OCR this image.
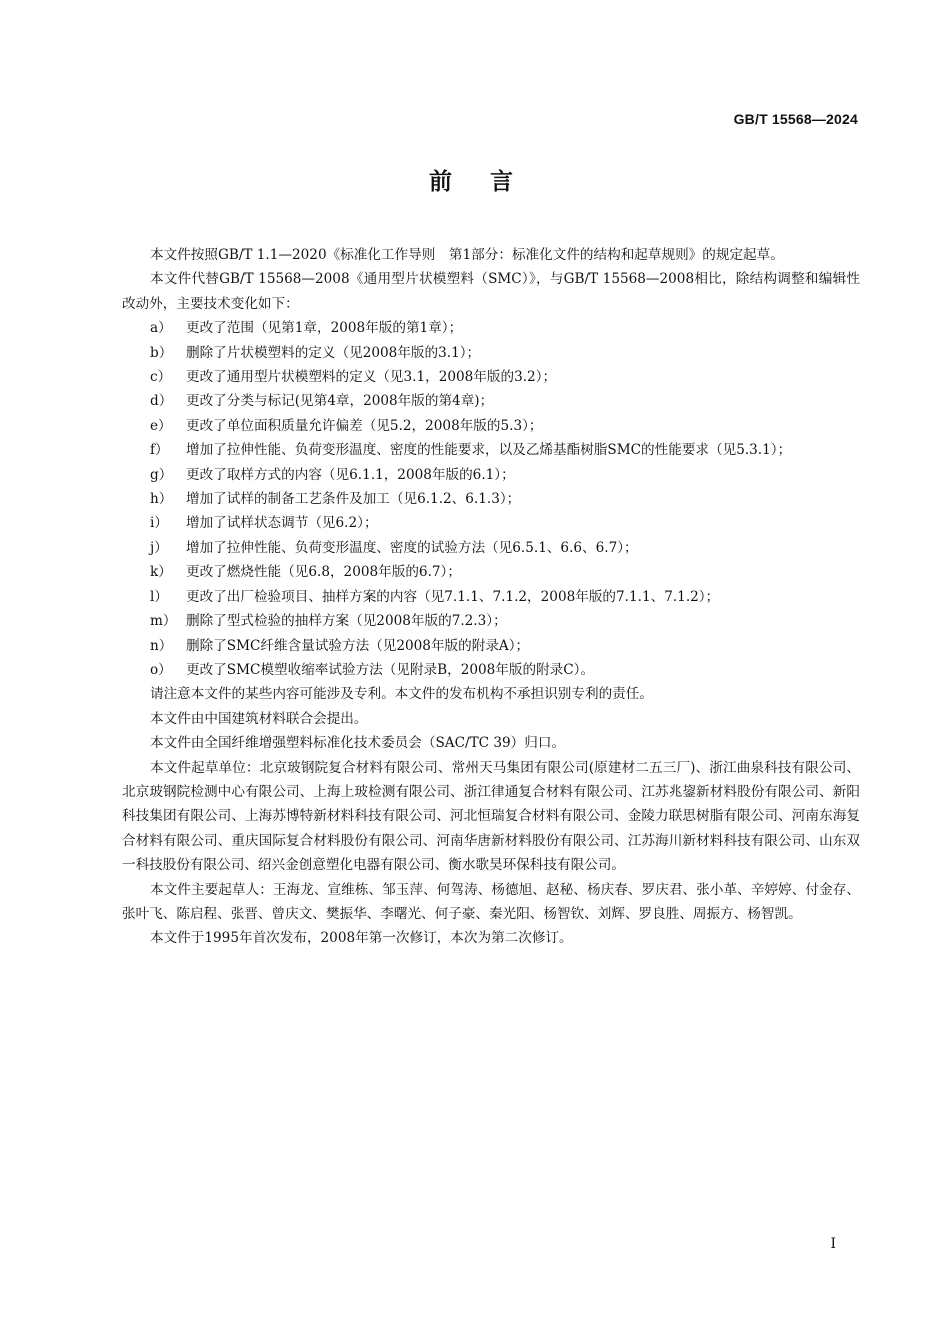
GB/T 15568—2024
前言

本文件按照GB/T 1.1—2020《标准化工作导则　第1部分：标准化文件的结构和起草规则》的规定起草。

本文件代替GB/T 15568—2008《通用型片状模塑料（SMC）》，与GB/T 15568—2008相比，除结构调整和编辑性改动外，主要技术变化如下：

a）	更改了范围（见第1章，2008年版的第1章）；
b）	删除了片状模塑料的定义（见2008年版的3.1）；
c）	更改了通用型片状模塑料的定义（见3.1，2008年版的3.2）；
d）	更改了分类与标记(见第4章，2008年版的第4章)；
e）	更改了单位面积质量允许偏差（见5.2，2008年版的5.3）；
f）	增加了拉伸性能、负荷变形温度、密度的性能要求，以及乙烯基酯树脂SMC的性能要求（见5.3.1）；
g）	更改了取样方式的内容（见6.1.1，2008年版的6.1）；
h）	增加了试样的制备工艺条件及加工（见6.1.2、6.1.3）；
i）	增加了试样状态调节（见6.2）；
j）	增加了拉伸性能、负荷变形温度、密度的试验方法（见6.5.1、6.6、6.7）；
k）	更改了燃烧性能（见6.8，2008年版的6.7）；
l）	更改了出厂检验项目、抽样方案的内容（见7.1.1、7.1.2，2008年版的7.1.1、7.1.2）；
m） 删除了型式检验的抽样方案（见2008年版的7.2.3）；
n）	删除了SMC纤维含量试验方法（见2008年版的附录A）；
o）	更改了SMC模塑收缩率试验方法（见附录B，2008年版的附录C）。

请注意本文件的某些内容可能涉及专利。本文件的发布机构不承担识别专利的责任。

本文件由中国建筑材料联合会提出。

本文件由全国纤维增强塑料标准化技术委员会（SAC/TC 39）归口。

本文件起草单位：北京玻钢院复合材料有限公司、常州天马集团有限公司(原建材二五三厂)、浙江曲泉科技有限公司、北京玻钢院检测中心有限公司、上海上玻检测有限公司、浙江律通复合材料有限公司、江苏兆鋆新材料股份有限公司、新阳科技集团有限公司、上海苏博特新材料科技有限公司、河北恒瑞复合材料有限公司、金陵力联思树脂有限公司、河南东海复合材料有限公司、重庆国际复合材料股份有限公司、河南华唐新材料股份有限公司、江苏海川新材料科技有限公司、山东双一科技股份有限公司、绍兴金创意塑化电器有限公司、衡水歌昊环保科技有限公司。

本文件主要起草人：王海龙、宣维栋、邹玉萍、何驾涛、杨德旭、赵秘、杨庆春、罗庆君、张小革、辛婷婷、付金存、张叶飞、陈启程、张晋、曾庆文、樊振华、李曙光、何子豪、秦光阳、杨智钦、刘辉、罗良胜、周振方、杨智凯。

本文件于1995年首次发布，2008年第一次修订，本次为第二次修订。

I
